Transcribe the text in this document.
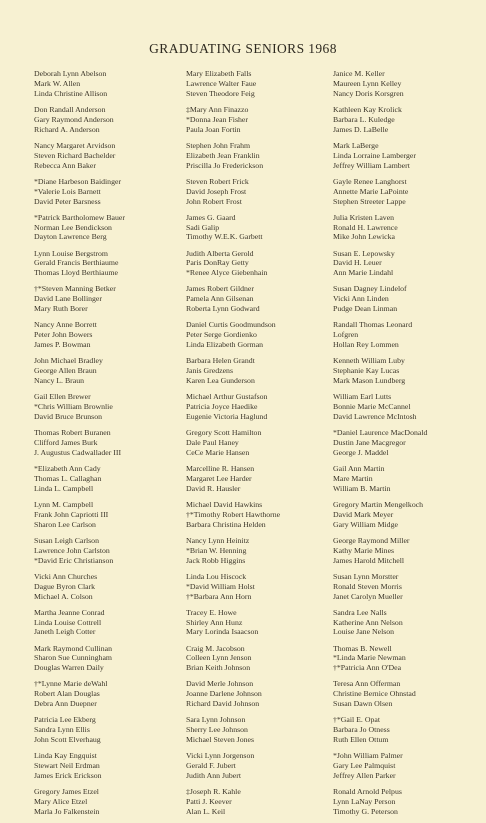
GRADUATING SENIORS 1968
Deborah Lynn Abelson
Mark W. Allen
Linda Christine Allison
Don Randall Anderson
Gary Raymond Anderson
Richard A. Anderson
Nancy Margaret Arvidson
Steven Richard Bachelder
Rebecca Ann Baker
*Diane Harbeson Baidinger
*Valerie Lois Barnett
David Peter Barsness
*Patrick Bartholomew Bauer
Norman Lee Bendickson
Dayton Lawrence Berg
Lynn Louise Bergstrom
Gerald Francis Berthiaume
Thomas Lloyd Berthiaume
†*Steven Manning Betker
David Lane Bollinger
Mary Ruth Borer
Nancy Anne Borrett
Peter John Bowers
James P. Bowman
John Michael Bradley
George Allen Braun
Nancy L. Braun
Gail Ellen Brewer
*Chris William Brownlie
David Bruce Brunson
Thomas Robert Buranen
Clifford James Burk
J. Augustus Cadwallader III
*Elizabeth Ann Cady
Thomas L. Callaghan
Linda L. Campbell
Lynn M. Campbell
Frank John Capriotti III
Sharon Lee Carlson
Susan Leigh Carlson
Lawrence John Carlston
*David Eric Christianson
Vicki Ann Churches
Dague Byron Clark
Michael A. Colson
Martha Jeanne Conrad
Linda Louise Cottrell
Janeth Leigh Cotter
Mark Raymond Cullinan
Sharon Sue Cunningham
Douglas Warren Daily
†*Lynne Marie deWahl
Robert Alan Douglas
Debra Ann Duepner
Patricia Lee Ekberg
Sandra Lynn Ellis
John Scott Elverhaug
Linda Kay Engquist
Stewart Neil Erdman
James Erick Erickson
Gregory James Etzel
Mary Alice Etzel
Marla Jo Falkenstein
Mary Elizabeth Falls
Lawrence Walter Faue
Steven Theodore Feig
‡Mary Ann Finazzo
*Donna Jean Fisher
Paula Joan Fortin
Stephen John Frahm
Elizabeth Jean Franklin
Priscilla Jo Frederickson
Steven Robert Frick
David Joseph Frost
John Robert Frost
James G. Gaard
Sadi Galip
Timothy W.E.K. Garbett
Judith Alberta Gerold
Paris DonRay Getty
*Renee Alyce Giebenhain
James Robert Gildner
Pamela Ann Gilsenan
Roberta Lynn Godward
Daniel Curtis Goodmundson
Peter Serge Gordienko
Linda Elizabeth Gorman
Barbara Helen Grandt
Janis Gredzens
Karen Lea Gunderson
Michael Arthur Gustafson
Patricia Joyce Haedike
Eugenie Victoria Haglund
Gregory Scott Hamilton
Dale Paul Haney
CeCe Marie Hansen
Marcelline R. Hansen
Margaret Lee Harder
David R. Hausler
Michael David Hawkins
†*Timothy Robert Hawthorne
Barbara Christina Helden
Nancy Lynn Heinitz
*Brian W. Henning
Jack Robb Higgins
Linda Lou Hiscock
*David William Holst
†*Barbara Ann Horn
Tracey E. Howe
Shirley Ann Hunz
Mary Lorinda Isaacson
Craig M. Jacobson
Colleen Lynn Jenson
Brian Keith Johnson
David Merle Johnson
Joanne Darlene Johnson
Richard David Johnson
Sara Lynn Johnson
Sherry Lee Johnson
Michael Steven Jones
Vicki Lynn Jorgenson
Gerald F. Jubert
Judith Ann Jubert
‡Joseph R. Kahle
Patti J. Keever
Alan L. Keil
Janice M. Keller
Maureen Lynn Kelley
Nancy Doris Korsgren
Kathleen Kay Krolick
Barbara L. Kuledge
James D. LaBelle
Mark LaBerge
Linda Lorraine Lamberger
Jeffrey William Lambert
Gayle Renee Langhorst
Annette Marie LaPointe
Stephen Streeter Lappe
Julia Kristen Laven
Ronald H. Lawrence
Mike John Lewicka
Susan E. Lepowsky
David H. Leuer
Ann Marie Lindahl
Susan Dagney Lindelof
Vicki Ann Linden
Pudge Dean Linman
Randall Thomas Leonard
Lofgren
Hollan Rey Lommen
Kenneth William Luby
Stephanie Kay Lucas
Mark Mason Lundberg
William Earl Lutts
Bonnie Marie McCannel
David Lawrence McIntosh
*Daniel Laurence MacDonald
Dustin Jane Macgregor
George J. Maddel
Gail Ann Martin
Mare Martin
William B. Martin
Gregory Martin Mengelkoch
David Mark Meyer
Gary William Midge
George Raymond Miller
Kathy Marie Mines
James Harold Mitchell
Susan Lynn Morstter
Ronald Steven Morris
Janet Carolyn Mueller
Sandra Lee Nalls
Katherine Ann Nelson
Louise Jane Nelson
Thomas B. Newell
*Linda Marie Newman
†*Patricia Ann O'Dea
Teresa Ann Offerman
Christine Bernice Ohnstad
Susan Dawn Olsen
†*Gail E. Opat
Barbara Jo Otness
Ruth Ellen Ottum
*John William Palmer
Gary Lee Palmquist
Jeffrey Allen Parker
Ronald Arnold Pelpus
Lynn LaNay Person
Timothy G. Peterson
